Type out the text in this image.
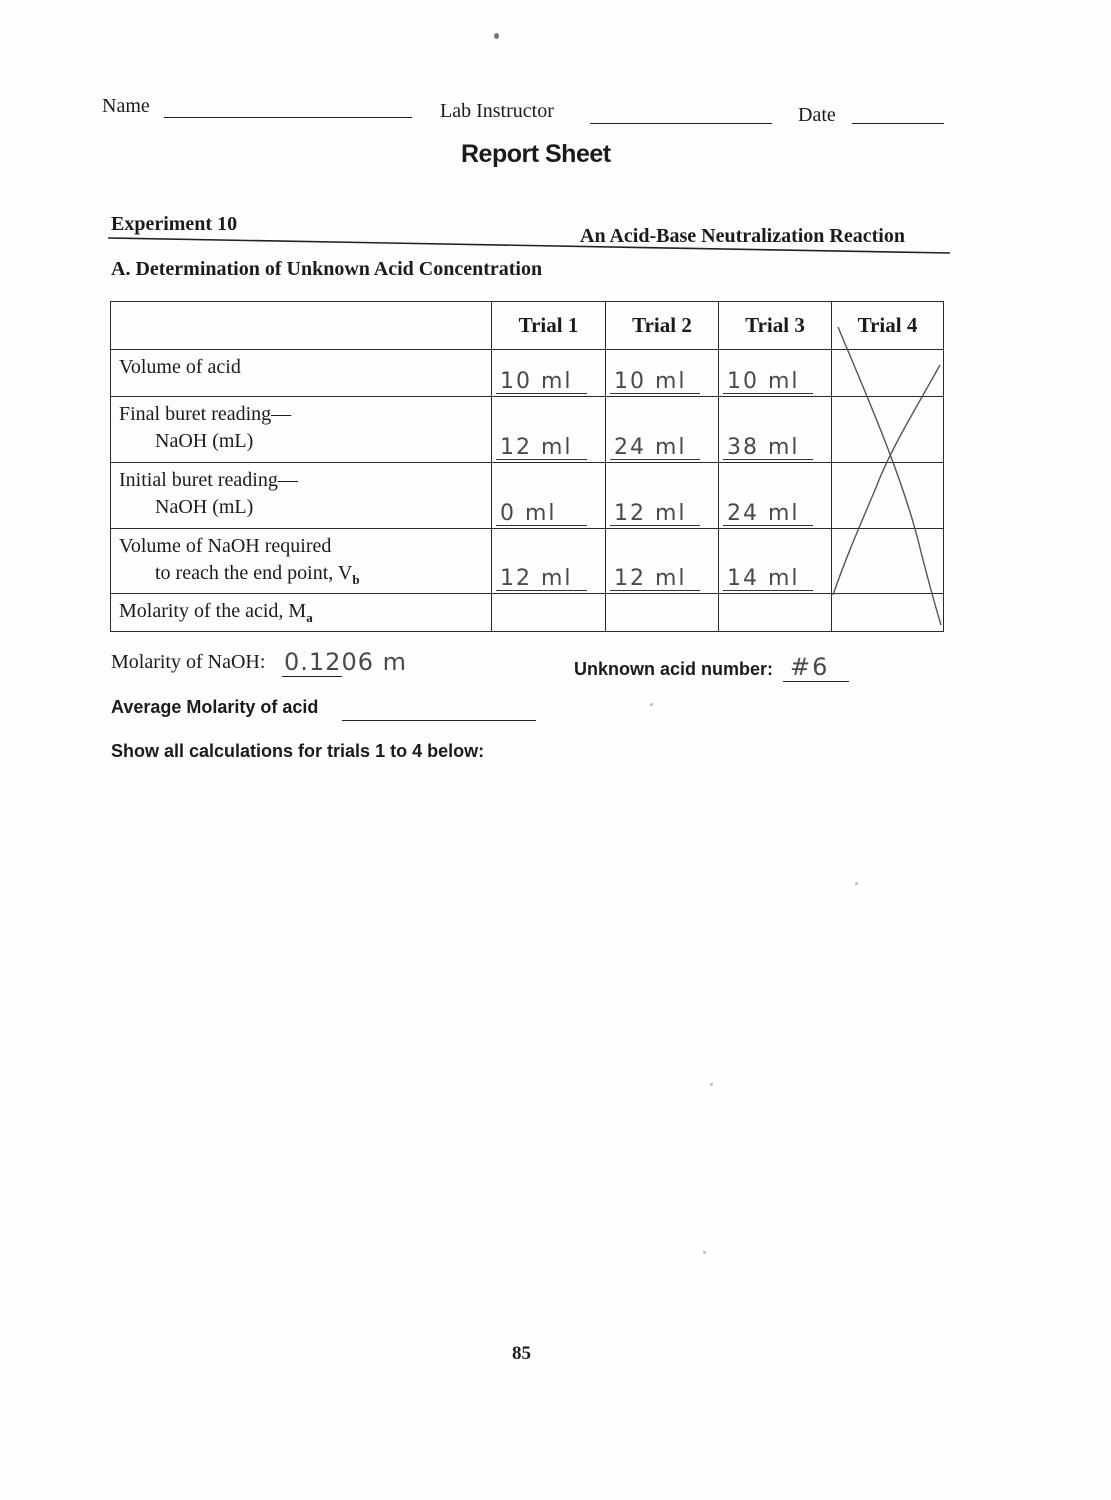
Name	Lab Instructor	Date
Report Sheet
Experiment 10
An Acid-Base Neutralization Reaction
A. Determination of Unknown Acid Concentration
	Trial 1	Trial 2	Trial 3	Trial 4
Volume of acid	10 ml	10 ml	10 ml	

Final buret reading—
NaOH (mL)	12 ml	24 ml	38 ml	

Initial buret reading—
NaOH (mL)	0 ml	12 ml	24 ml	

Volume of NaOH required
to reach the end point, $V_b$	12 ml	12 ml	14 ml	

Molarity of the acid, $M_a$				
Molarity of NaOH: 0.1206 m	Unknown acid number: #6
Average Molarity of acid
Show all calculations for trials 1 to 4 below:
85
